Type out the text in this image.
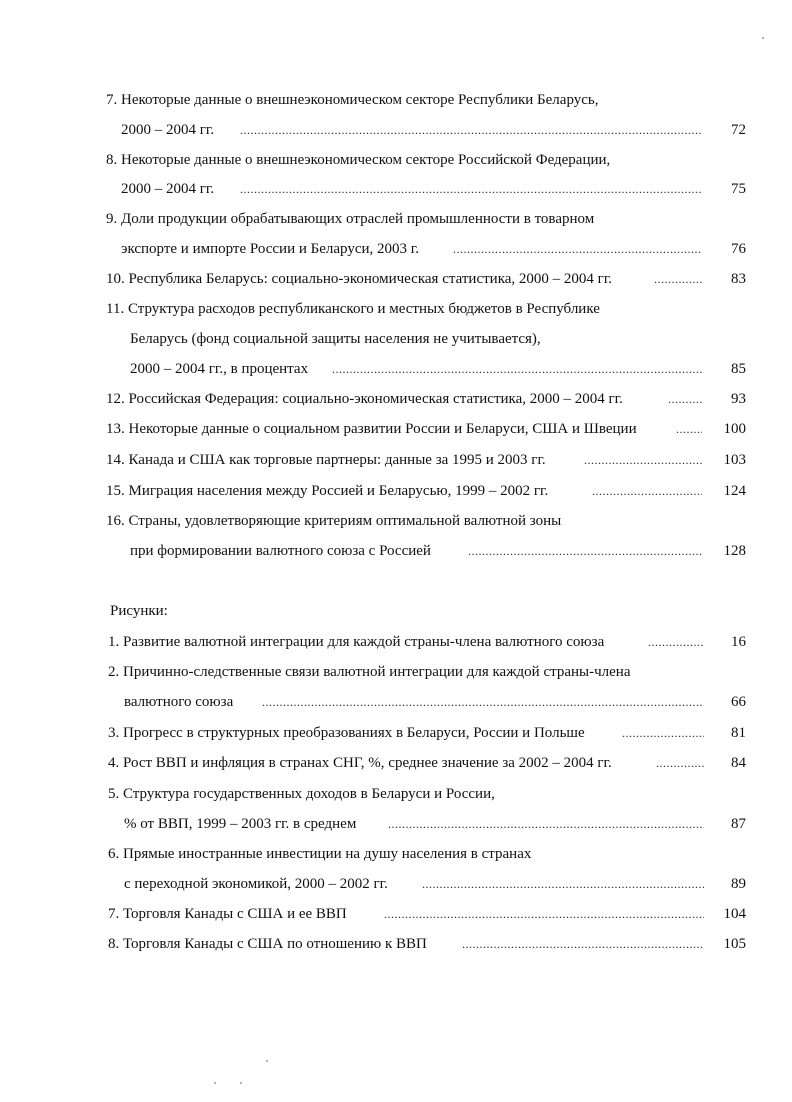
7. Некоторые данные о внешнеэкономическом секторе Республики Беларусь,
2000 – 2004 гг. .....	72
8. Некоторые данные о внешнеэкономическом секторе Российской Федерации,
2000 – 2004 гг. .....	75
9. Доли продукции обрабатывающих отраслей промышленности в товарном
экспорте и импорте России и Беларуси, 2003 г. .....	76
10. Республика Беларусь: социально-экономическая статистика, 2000 – 2004 гг. .....	83
11. Структура расходов республиканского и местных бюджетов в Республике
Беларусь (фонд социальной защиты населения не учитывается),
2000 – 2004 гг., в процентах .....	85
12. Российская Федерация: социально-экономическая статистика, 2000 – 2004 гг. .....	93
13. Некоторые данные о социальном развитии России и Беларуси, США и Швеции .....	100
14. Канада и США как торговые партнеры: данные за 1995 и 2003 гг. .....	103
15. Миграция населения между Россией и Беларусью, 1999 – 2002 гг. .....	124
16. Страны, удовлетворяющие критериям оптимальной валютной зоны
при формировании валютного союза с Россией .....	128
Рисунки:
1. Развитие валютной интеграции для каждой страны-члена валютного союза .....	16
2. Причинно-следственные связи валютной интеграции для каждой страны-члена
валютного союза .....	66
3. Прогресс в структурных преобразованиях в Беларуси, России и Польше .....	81
4. Рост ВВП и инфляция в странах СНГ, %, среднее значение за 2002 – 2004 гг. .....	84
5. Структура государственных доходов в Беларуси и России,
% от ВВП, 1999 – 2003 гг. в среднем .....	87
6. Прямые иностранные инвестиции на душу населения в странах
с переходной экономикой, 2000 – 2002 гг. .....	89
7. Торговля Канады с США и ее ВВП .....	104
8. Торговля Канады с США по отношению к ВВП .....	105
